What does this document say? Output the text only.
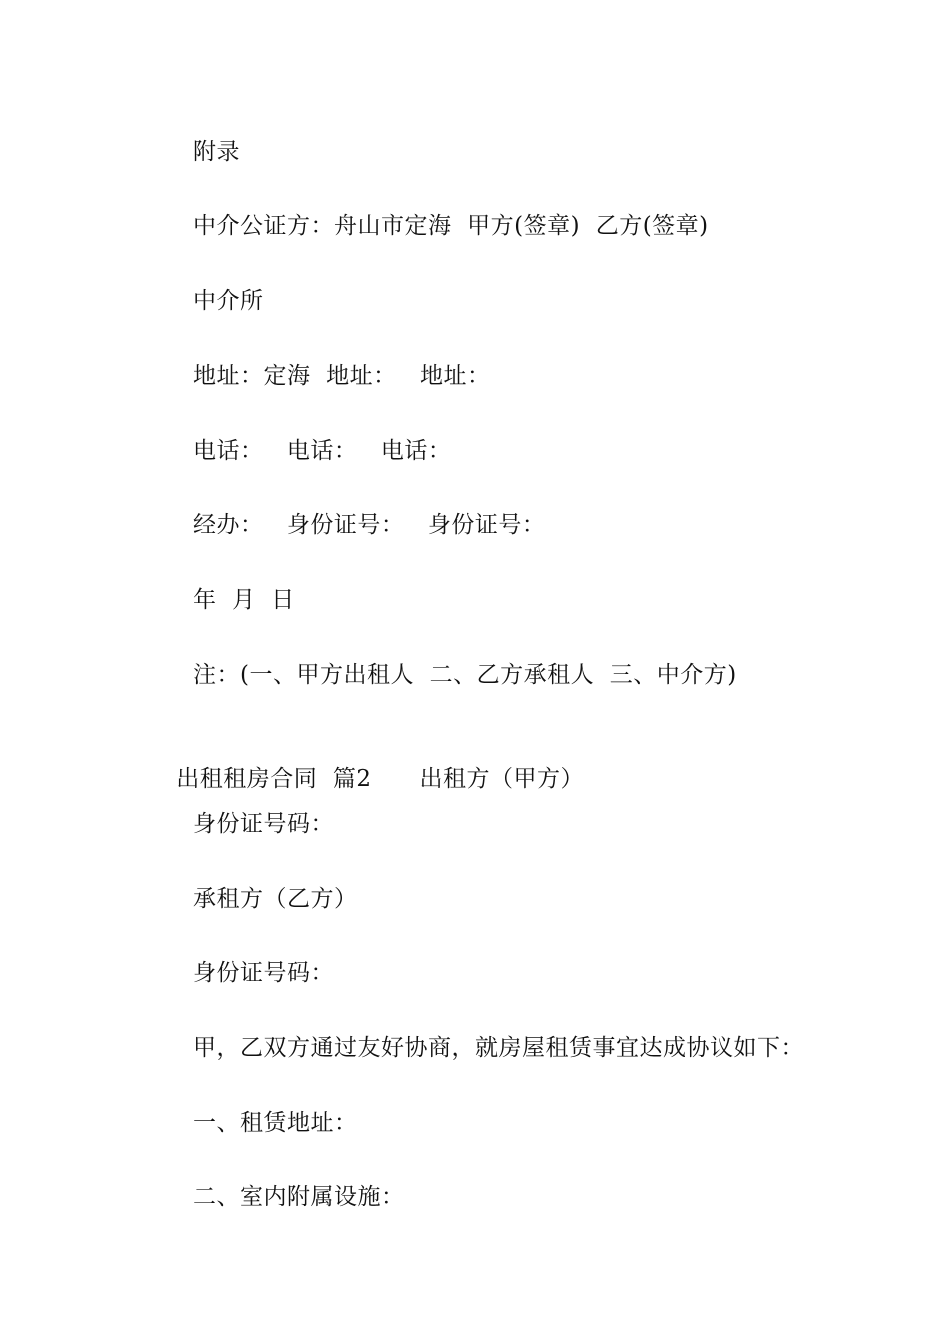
附录
中介公证方：舟山市定海  甲方(签章)  乙方(签章)
中介所
地址：定海  地址：   地址：
电话：   电话：   电话：
经办：   身份证号：   身份证号：
年  月  日
注：(一、甲方出租人  二、乙方承租人  三、中介方)

出租租房合同  篇2 出租方（甲方）

身份证号码：
承租方（乙方）
身份证号码：
甲，乙双方通过友好协商，就房屋租赁事宜达成协议如下：
一、租赁地址：
二、室内附属设施：
